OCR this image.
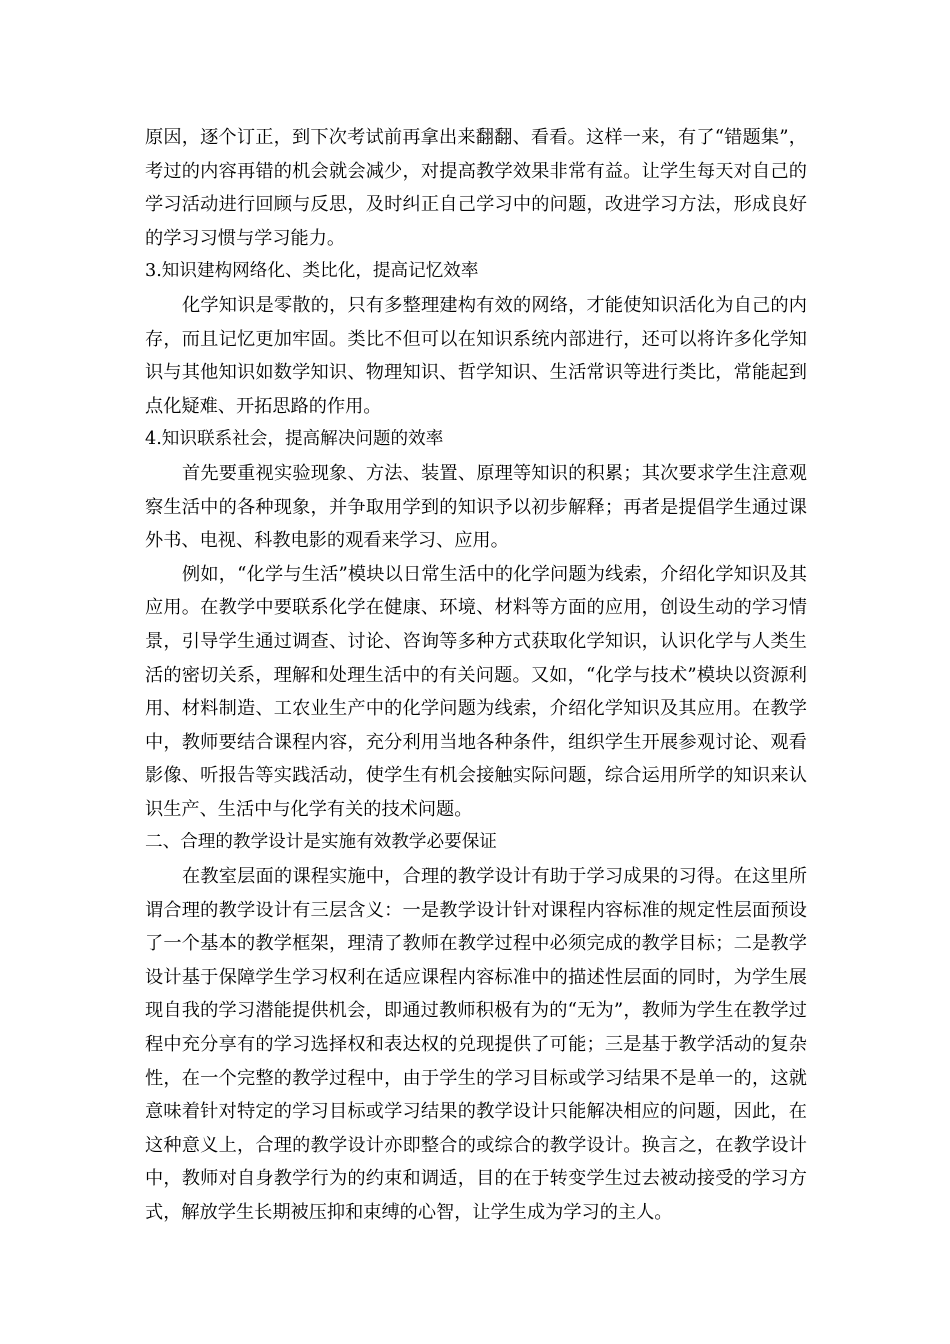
原因，逐个订正，到下次考试前再拿出来翻翻、看看。这样一来，有了“错题集”，考过的内容再错的机会就会减少，对提高教学效果非常有益。让学生每天对自己的学习活动进行回顾与反思，及时纠正自己学习中的问题，改进学习方法，形成良好的学习习惯与学习能力。

3.知识建构网络化、类比化，提高记忆效率

化学知识是零散的，只有多整理建构有效的网络，才能使知识活化为自己的内存，而且记忆更加牢固。类比不但可以在知识系统内部进行，还可以将许多化学知识与其他知识如数学知识、物理知识、哲学知识、生活常识等进行类比，常能起到点化疑难、开拓思路的作用。

4.知识联系社会，提高解决问题的效率

首先要重视实验现象、方法、装置、原理等知识的积累；其次要求学生注意观察生活中的各种现象，并争取用学到的知识予以初步解释；再者是提倡学生通过课外书、电视、科教电影的观看来学习、应用。

例如，“化学与生活”模块以日常生活中的化学问题为线索，介绍化学知识及其应用。在教学中要联系化学在健康、环境、材料等方面的应用，创设生动的学习情景，引导学生通过调查、讨论、咨询等多种方式获取化学知识，认识化学与人类生活的密切关系，理解和处理生活中的有关问题。又如，“化学与技术”模块以资源利用、材料制造、工农业生产中的化学问题为线索，介绍化学知识及其应用。在教学中，教师要结合课程内容，充分利用当地各种条件，组织学生开展参观讨论、观看影像、听报告等实践活动，使学生有机会接触实际问题，综合运用所学的知识来认识生产、生活中与化学有关的技术问题。

二、合理的教学设计是实施有效教学必要保证

在教室层面的课程实施中，合理的教学设计有助于学习成果的习得。在这里所谓合理的教学设计有三层含义：一是教学设计针对课程内容标准的规定性层面预设了一个基本的教学框架，理清了教师在教学过程中必须完成的教学目标；二是教学设计基于保障学生学习权利在适应课程内容标准中的描述性层面的同时，为学生展现自我的学习潜能提供机会，即通过教师积极有为的“无为”，教师为学生在教学过程中充分享有的学习选择权和表达权的兑现提供了可能；三是基于教学活动的复杂性，在一个完整的教学过程中，由于学生的学习目标或学习结果不是单一的，这就意味着针对特定的学习目标或学习结果的教学设计只能解决相应的问题，因此，在这种意义上，合理的教学设计亦即整合的或综合的教学设计。换言之，在教学设计中，教师对自身教学行为的约束和调适，目的在于转变学生过去被动接受的学习方式，解放学生长期被压抑和束缚的心智，让学生成为学习的主人。
